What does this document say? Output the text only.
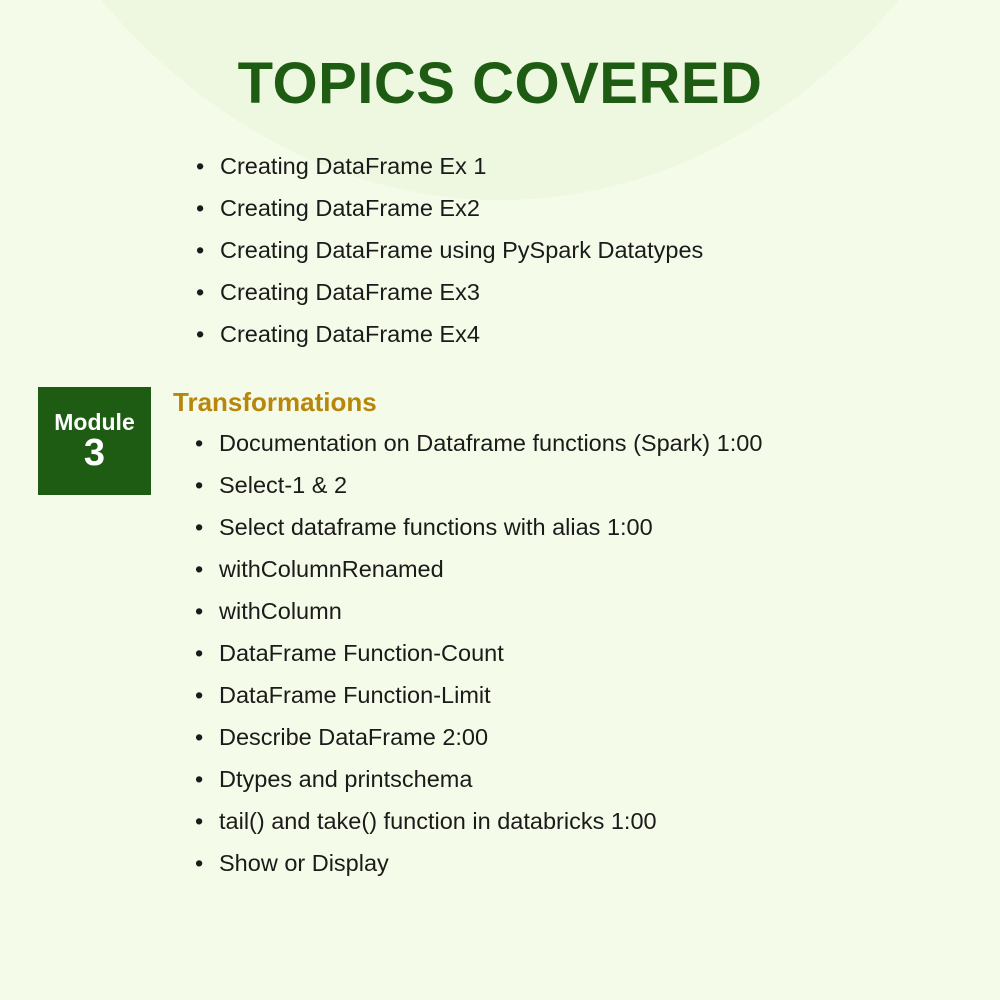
TOPICS COVERED
• Creating DataFrame Ex 1
• Creating DataFrame Ex2
• Creating DataFrame using PySpark Datatypes
• Creating DataFrame Ex3
• Creating DataFrame Ex4
Module
3
Transformations
• Documentation on Dataframe functions (Spark) 1:00
• Select-1 & 2
• Select dataframe functions with alias 1:00
• withColumnRenamed
• withColumn
• DataFrame Function-Count
• DataFrame Function-Limit
• Describe DataFrame 2:00
• Dtypes and printschema
• tail() and take() function in databricks 1:00
• Show or Display
